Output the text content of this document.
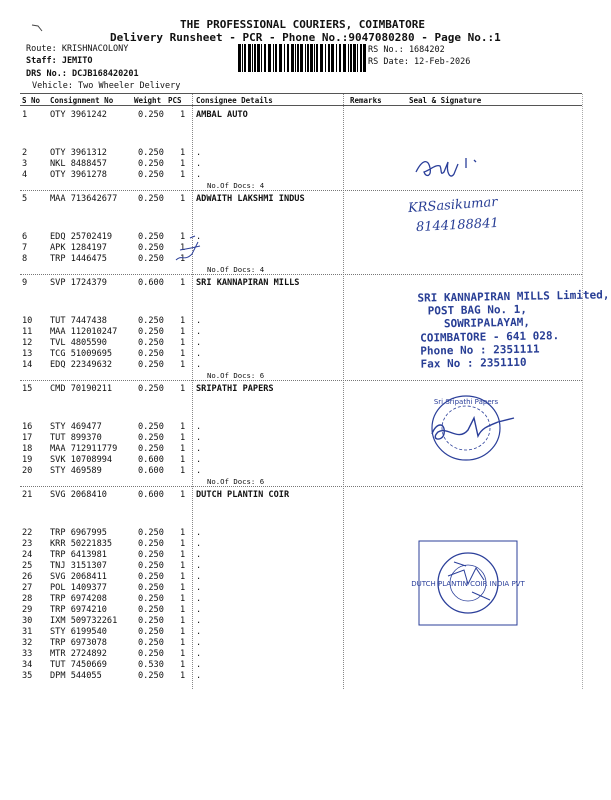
THE PROFESSIONAL COURIERS, COIMBATORE
Delivery Runsheet - PCR - Phone No.:9047080280 - Page No.:1
Route: KRISHNACOLONY
Staff: JEMITO
DRS No.: DCJB168420201
Vehicle: Two Wheeler Delivery
RS No.: 1684202
RS Date: 12-Feb-2026
S No Consignment No	Weight PCS Consignee Details	Remarks	Seal & Signature
1	OTY 3961242	0.250 1 AMBAL AUTO
2	OTY 3961312	0.250 1 .
3	NKL 8488457	0.250 1 .
4	OTY 3961278	0.250 1 .
No.Of Docs: 4
5	MAA 713642677 0.250 1 ADWAITH LAKSHMI INDUS
6	EDQ 25702419	0.250 1 .
7	APK 1284197	0.250 1
8	TRP 1446475	0.250 1
No.Of Docs: 4
9	SVP 1724379	0.600 1 SRI KANNAPIRAN MILLS
10 TUT 7447438	0.250 1 .
11 MAA 112010247 0.250 1 .
12 TVL 4805590	0.250 1 .
13 TCG 51009695	0.250 1 .
14 EDQ 22349632	0.250 1 .
No.Of Docs: 6
15 CMD 70190211	0.250 1 SRIPATHI PAPERS
16 STY 469477	0.250 1 .
17 TUT 899370	0.250 1 .
18 MAA 712911779 0.250 1 .
19 SVK 10708994	0.600 1 .
20 STY 469589	0.600 1 .
No.Of Docs: 6
21 SVG 2068410	0.600 1 DUTCH PLANTIN COIR
22 TRP 6967995	0.250 1 .
23 KRR 50221835	0.250 1 .
24 TRP 6413981	0.250 1 .
25 TNJ 3151307	0.250 1 .
26 SVG 2068411	0.250 1 .
27 POL 1409377	0.250 1 .
28 TRP 6974208	0.250 1 .
29 TRP 6974210	0.250 1 .
30 IXM 509732261 0.250 1 .
31 STY 6199540	0.250 1 .
32 TRP 6973078	0.250 1 .
33 MTR 2724892	0.250 1 .
34 TUT 7450669	0.530 1 .
35 DPM 544055	0.250 1 .
KRSasikumar
8144188841
SRI KANNAPIRAN MILLS Limited,
POST BAG No. 1,
SOWRIPALAYAM,
COIMBATORE - 641 028.
Phone No : 2351111
Fax No : 2351110
Sri Sripathi Papers
DUTCH PLANTIN COIR INDIA PVT
